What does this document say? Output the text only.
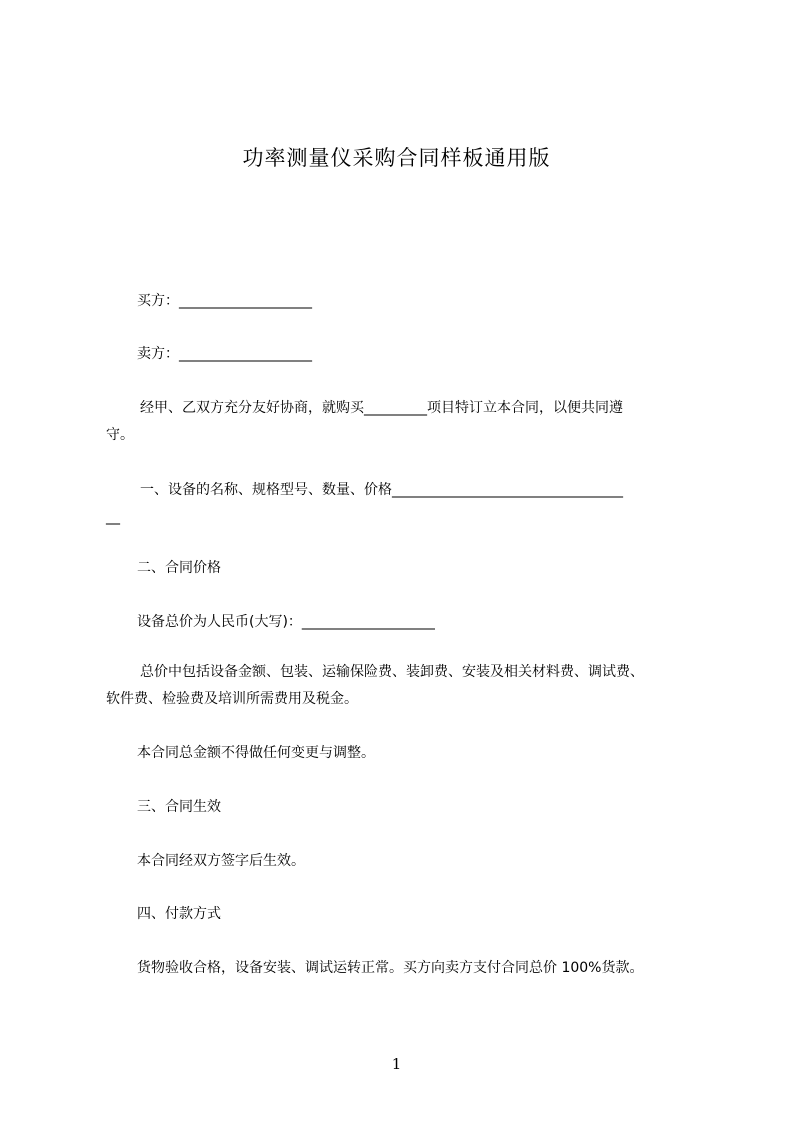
功率测量仪采购合同样板通用版
买方：___________________
卖方：___________________
经甲、乙双方充分友好协商，就购买_________项目特订立本合同，以便共同遵
守。
一、设备的名称、规格型号、数量、价格_________________________________
__
二、合同价格
设备总价为人民币(大写)：___________________
总价中包括设备金额、包装、运输保险费、装卸费、安装及相关材料费、调试费、
软件费、检验费及培训所需费用及税金。
本合同总金额不得做任何变更与调整。
三、合同生效
本合同经双方签字后生效。
四、付款方式
货物验收合格，设备安装、调试运转正常。买方向卖方支付合同总价 100%货款。
1
